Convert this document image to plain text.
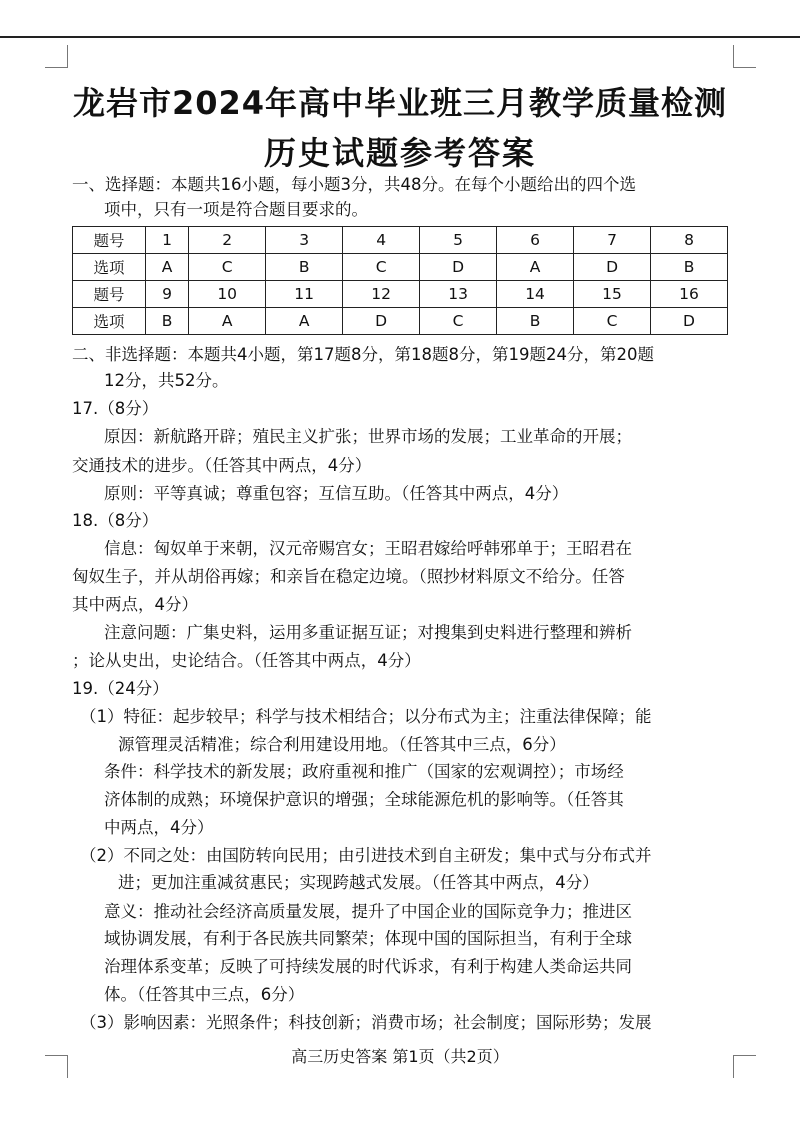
龙岩市2024年高中毕业班三月教学质量检测
历史试题参考答案
一、选择题：本题共16小题，每小题3分，共48分。在每个小题给出的四个选
项中，只有一项是符合题目要求的。
题号	1	2	3	4	5	6	7	8
选项	A	C	B	C	D	A	D	B
题号	9	10	11	12	13	14	15	16
选项	B	A	A	D	C	B	C	D
二、非选择题：本题共4小题，第17题8分，第18题8分，第19题24分，第20题
12分，共52分。
17.（8分）
原因：新航路开辟；殖民主义扩张；世界市场的发展；工业革命的开展；
交通技术的进步。（任答其中两点，4分）
原则：平等真诚；尊重包容；互信互助。（任答其中两点，4分）
18.（8分）
信息：匈奴单于来朝，汉元帝赐宫女；王昭君嫁给呼韩邪单于；王昭君在
匈奴生子，并从胡俗再嫁；和亲旨在稳定边境。（照抄材料原文不给分。任答
其中两点，4分）
注意问题：广集史料，运用多重证据互证；对搜集到史料进行整理和辨析
；论从史出，史论结合。（任答其中两点，4分）
19.（24分）
（1）特征：起步较早；科学与技术相结合；以分布式为主；注重法律保障；能
源管理灵活精准；综合利用建设用地。（任答其中三点，6分）
条件：科学技术的新发展；政府重视和推广（国家的宏观调控）；市场经
济体制的成熟；环境保护意识的增强；全球能源危机的影响等。（任答其
中两点，4分）
（2）不同之处：由国防转向民用；由引进技术到自主研发；集中式与分布式并
进；更加注重减贫惠民；实现跨越式发展。（任答其中两点，4分）
意义：推动社会经济高质量发展，提升了中国企业的国际竞争力；推进区
域协调发展，有利于各民族共同繁荣；体现中国的国际担当，有利于全球
治理体系变革；反映了可持续发展的时代诉求，有利于构建人类命运共同
体。（任答其中三点，6分）
（3）影响因素：光照条件；科技创新；消费市场；社会制度；国际形势；发展
高三历史答案 第1页（共2页）
